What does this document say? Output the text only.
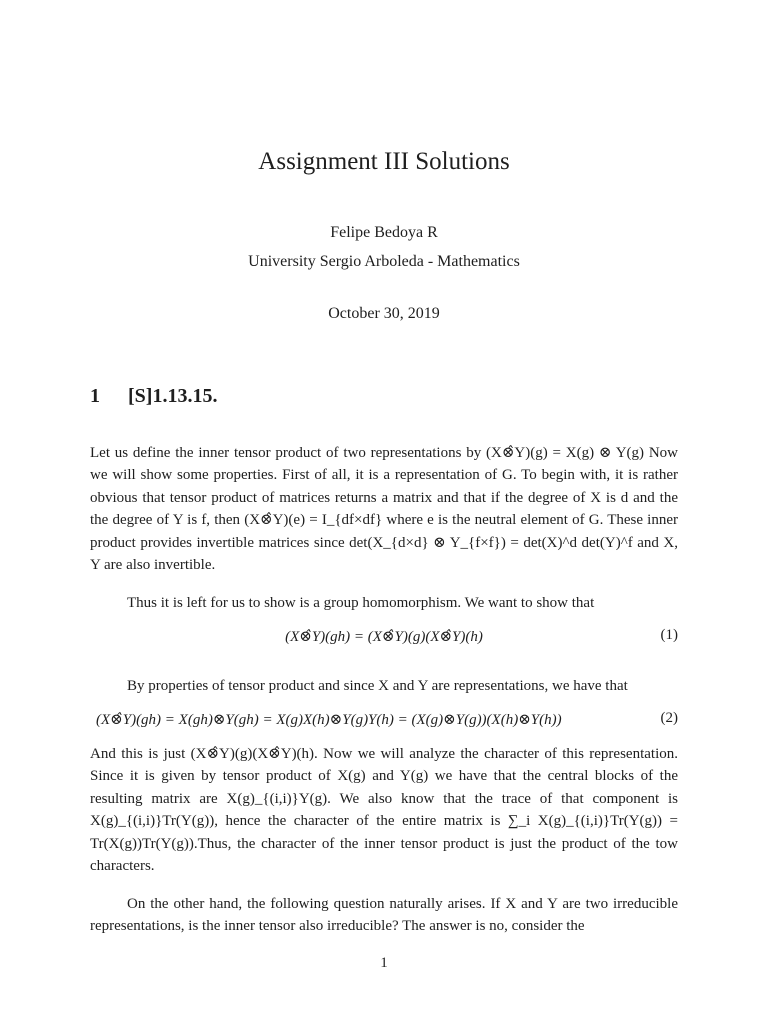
Assignment III Solutions
Felipe Bedoya R
University Sergio Arboleda - Mathematics
October 30, 2019
1 [S]1.13.15.
Let us define the inner tensor product of two representations by (X⊗̂Y)(g) = X(g) ⊗ Y(g) Now we will show some properties. First of all, it is a representation of G. To begin with, it is rather obvious that tensor product of matrices returns a matrix and that if the degree of X is d and the the degree of Y is f, then (X⊗̂Y)(e) = I_{df×df} where e is the neutral element of G. These inner product provides invertible matrices since det(X_{d×d} ⊗ Y_{f×f}) = det(X)^d det(Y)^f and X, Y are also invertible.
Thus it is left for us to show is a group homomorphism. We want to show that
(X⊗̂Y)(gh) = (X⊗̂Y)(g)(X⊗̂Y)(h)	(1)
By properties of tensor product and since X and Y are representations, we have that
(X⊗̂Y)(gh) = X(gh)⊗Y(gh) = X(g)X(h)⊗Y(g)Y(h) = (X(g)⊗Y(g))(X(h)⊗Y(h))	(2)
And this is just (X⊗̂Y)(g)(X⊗̂Y)(h). Now we will analyze the character of this representation. Since it is given by tensor product of X(g) and Y(g) we have that the central blocks of the resulting matrix are X(g)_{(i,i)}Y(g). We also know that the trace of that component is X(g)_{(i,i)}Tr(Y(g)), hence the character of the entire matrix is ∑_i X(g)_{(i,i)}Tr(Y(g)) = Tr(X(g))Tr(Y(g)).Thus, the character of the inner tensor product is just the product of the tow characters.
On the other hand, the following question naturally arises. If X and Y are two irreducible representations, is the inner tensor also irreducible? The answer is no, consider the
1
